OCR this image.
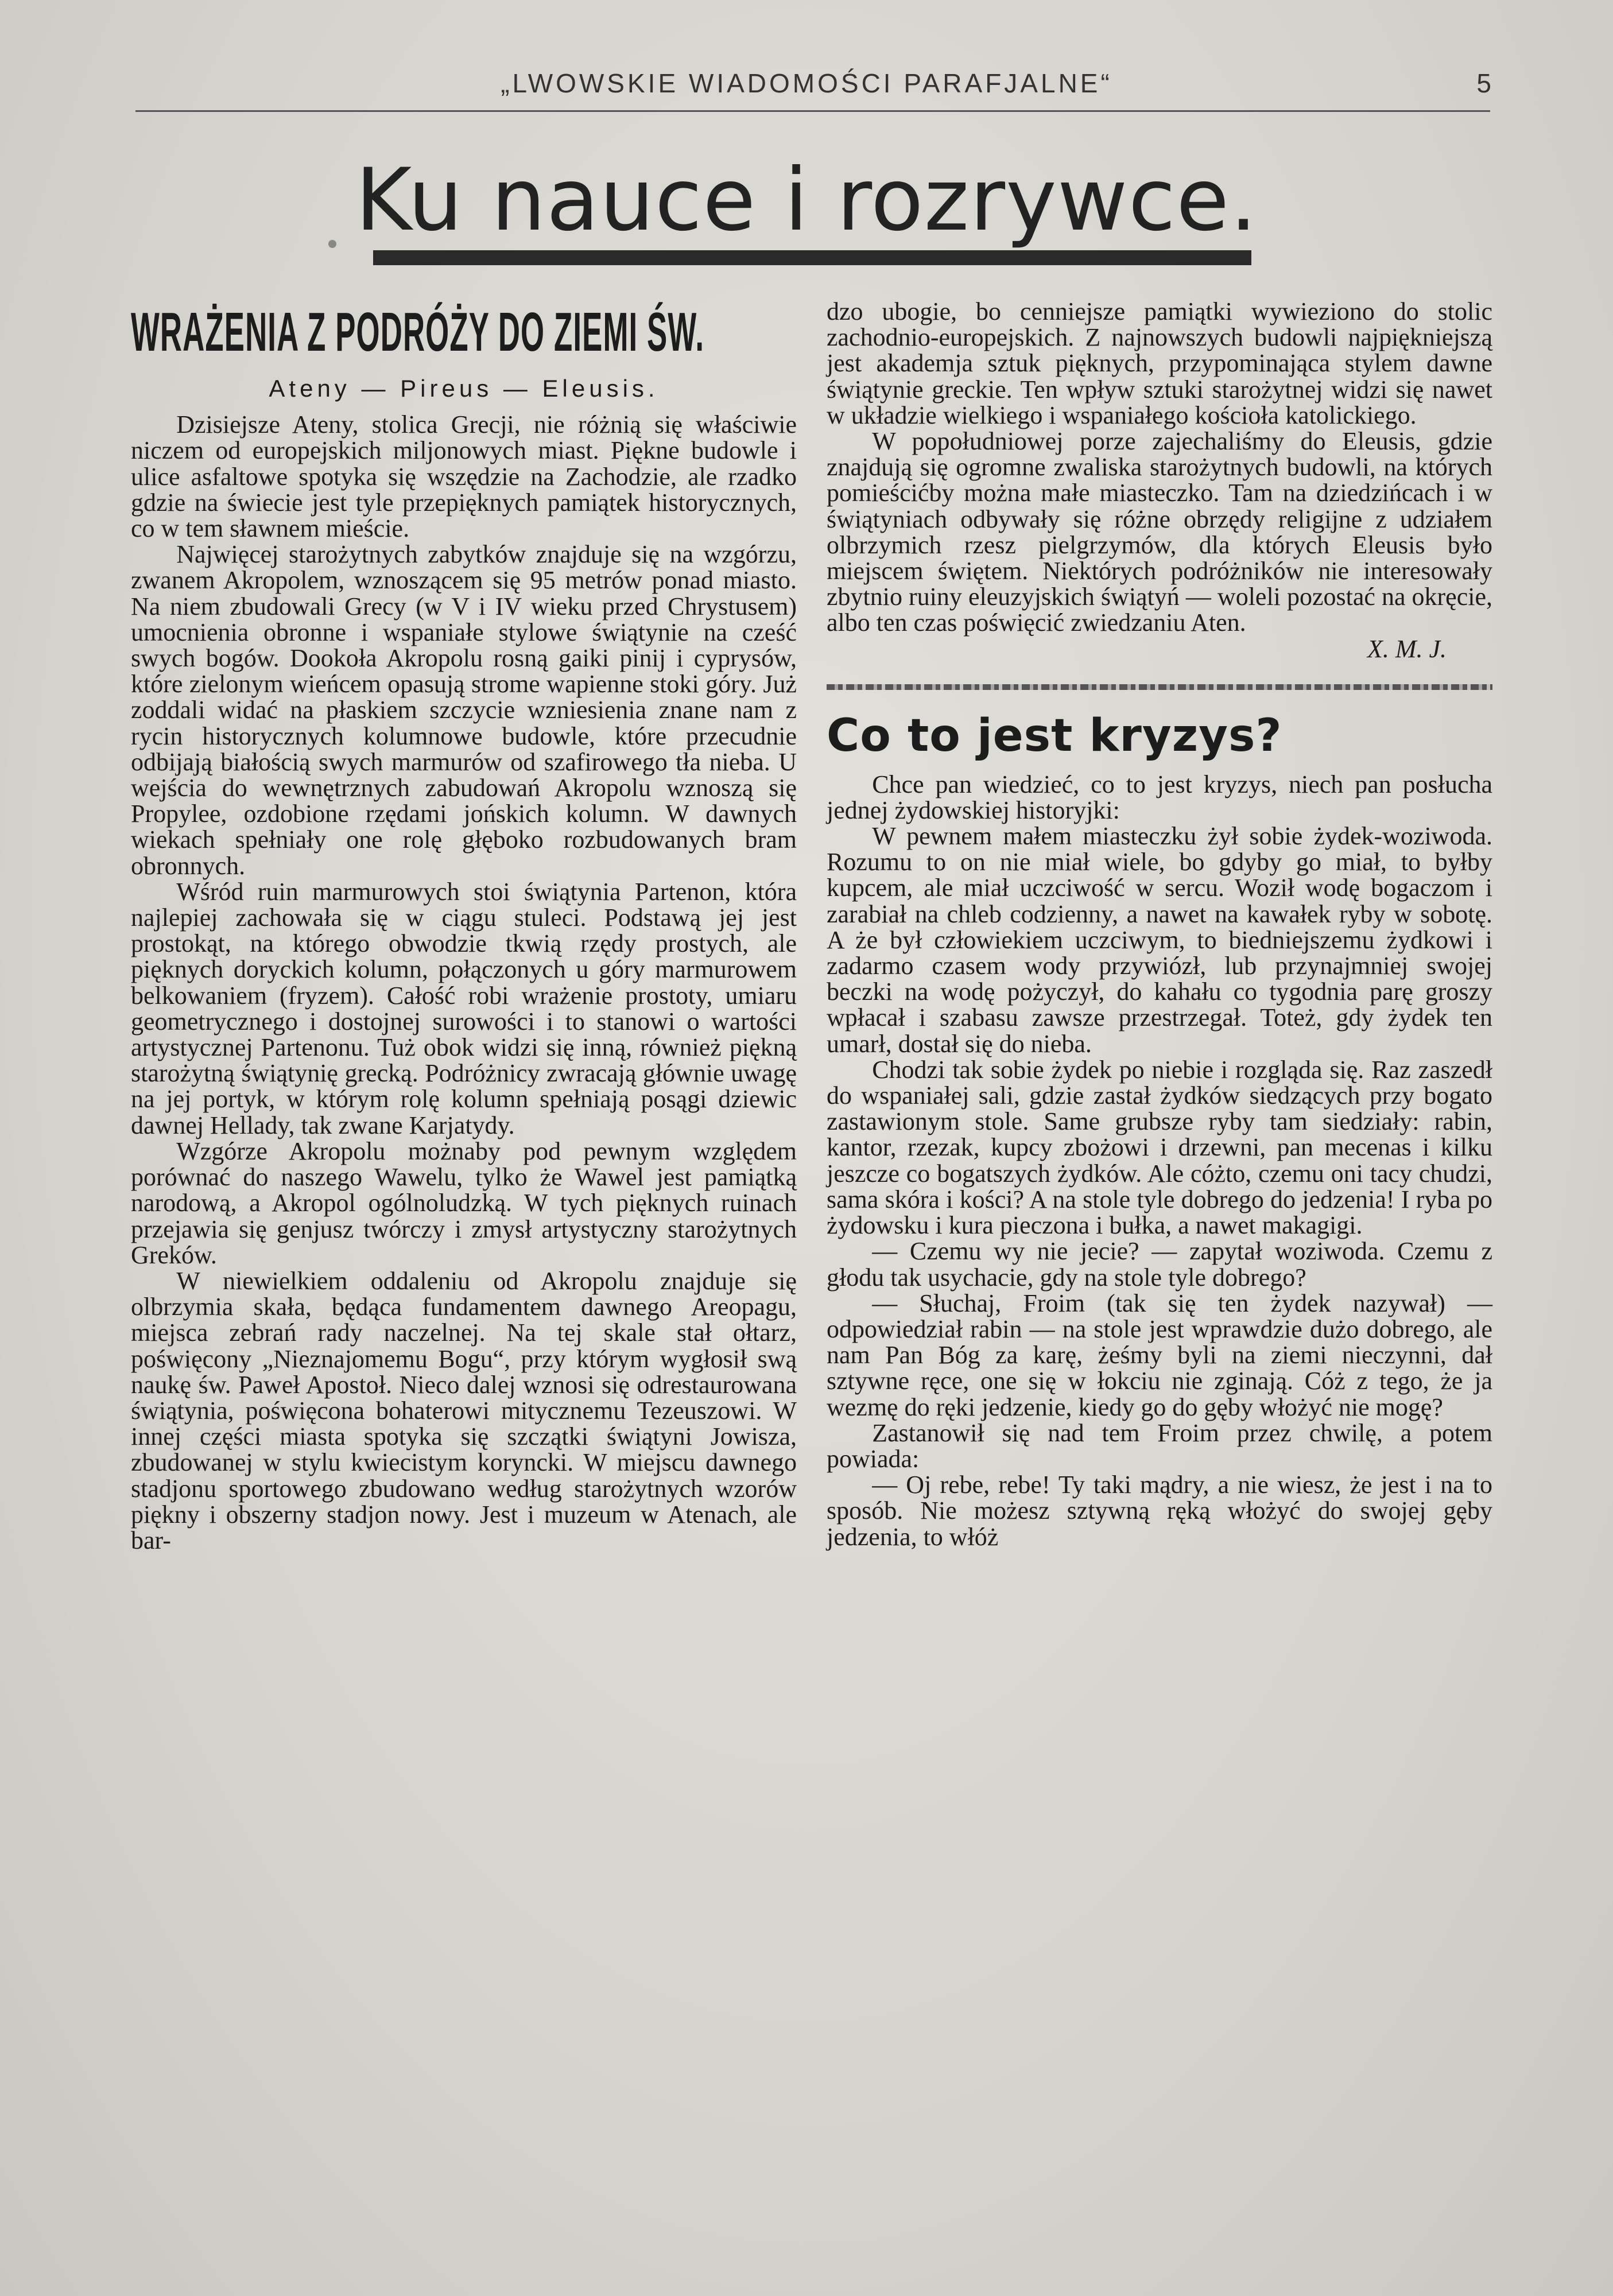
„LWOWSKIE WIADOMOŚCI PARAFJALNE“	5
Ku nauce i rozrywce.
WRAŻENIA Z PODRÓŻY DO ZIEMI ŚW.
Ateny — Pireus — Eleusis.

Dzisiejsze Ateny, stolica Grecji, nie różnią się właściwie niczem od europejskich miljonowych miast. Piękne budowle i ulice asfaltowe spotyka się wszędzie na Zachodzie, ale rzadko gdzie na świecie jest tyle przepięknych pamiątek historycznych, co w tem sławnem mieście.

Najwięcej starożytnych zabytków znajduje się na wzgórzu, zwanem Akropolem, wznoszącem się 95 metrów ponad miasto. Na niem zbudowali Grecy (w V i IV wieku przed Chrystusem) umocnienia obronne i wspaniałe stylowe świątynie na cześć swych bogów. Dookoła Akropolu rosną gaiki pinij i cyprysów, które zielonym wieńcem opasują strome wapienne stoki góry. Już zoddali widać na płaskiem szczycie wzniesienia znane nam z rycin historycznych kolumnowe budowle, które przecudnie odbijają białością swych marmurów od szafirowego tła nieba. U wejścia do wewnętrznych zabudowań Akropolu wznoszą się Propylee, ozdobione rzędami jońskich kolumn. W dawnych wiekach spełniały one rolę głęboko rozbudowanych bram obronnych.

Wśród ruin marmurowych stoi świątynia Partenon, która najlepiej zachowała się w ciągu stuleci. Podstawą jej jest prostokąt, na którego obwodzie tkwią rzędy prostych, ale pięknych doryckich kolumn, połączonych u góry marmurowem belkowaniem (fryzem). Całość robi wrażenie prostoty, umiaru geometrycznego i dostojnej surowości i to stanowi o wartości artystycznej Partenonu. Tuż obok widzi się inną, również piękną starożytną świątynię grecką. Podróżnicy zwracają głównie uwagę na jej portyk, w którym rolę kolumn spełniają posągi dziewic dawnej Hellady, tak zwane Karjatydy.

Wzgórze Akropolu możnaby pod pewnym względem porównać do naszego Wawelu, tylko że Wawel jest pamiątką narodową, a Akropol ogólnoludzką. W tych pięknych ruinach przejawia się genjusz twórczy i zmysł artystyczny starożytnych Greków.

W niewielkiem oddaleniu od Akropolu znajduje się olbrzymia skała, będąca fundamentem dawnego Areopagu, miejsca zebrań rady naczelnej. Na tej skale stał ołtarz, poświęcony „Nieznajomemu Bogu“, przy którym wygłosił swą naukę św. Paweł Apostoł. Nieco dalej wznosi się odrestaurowana świątynia, poświęcona bohaterowi mitycznemu Tezeuszowi. W innej części miasta spotyka się szczątki świątyni Jowisza, zbudowanej w stylu kwiecistym koryncki. W miejscu dawnego stadjonu sportowego zbudowano według starożytnych wzorów piękny i obszerny stadjon nowy. Jest i muzeum w Atenach, ale bar-

dzo ubogie, bo cenniejsze pamiątki wywieziono do stolic zachodnio-europejskich. Z najnowszych budowli najpiękniejszą jest akademja sztuk pięknych, przypominająca stylem dawne świątynie greckie. Ten wpływ sztuki starożytnej widzi się nawet w układzie wielkiego i wspaniałego kościoła katolickiego.

W popołudniowej porze zajechaliśmy do Eleusis, gdzie znajdują się ogromne zwaliska starożytnych budowli, na których pomieścićby można małe miasteczko. Tam na dziedzińcach i w świątyniach odbywały się różne obrzędy religijne z udziałem olbrzymich rzesz pielgrzymów, dla których Eleusis było miejscem świętem. Niektórych podróżników nie interesowały zbytnio ruiny eleuzyjskich świątyń — woleli pozostać na okręcie, albo ten czas poświęcić zwiedzaniu Aten.

X. M. J.
Co to jest kryzys?

Chce pan wiedzieć, co to jest kryzys, niech pan posłucha jednej żydowskiej historyjki:

W pewnem małem miasteczku żył sobie żydek-woziwoda. Rozumu to on nie miał wiele, bo gdyby go miał, to byłby kupcem, ale miał uczciwość w sercu. Woził wodę bogaczom i zarabiał na chleb codzienny, a nawet na kawałek ryby w sobotę. A że był człowiekiem uczciwym, to biedniejszemu żydkowi i zadarmo czasem wody przywiózł, lub przynajmniej swojej beczki na wodę pożyczył, do kahału co tygodnia parę groszy wpłacał i szabasu zawsze przestrzegał. Toteż, gdy żydek ten umarł, dostał się do nieba.

Chodzi tak sobie żydek po niebie i rozgląda się. Raz zaszedł do wspaniałej sali, gdzie zastał żydków siedzących przy bogato zastawionym stole. Same grubsze ryby tam siedziały: rabin, kantor, rzezak, kupcy zbożowi i drzewni, pan mecenas i kilku jeszcze co bogatszych żydków. Ale cóżto, czemu oni tacy chudzi, sama skóra i kości? A na stole tyle dobrego do jedzenia! I ryba po żydowsku i kura pieczona i bułka, a nawet makagigi.

— Czemu wy nie jecie? — zapytał woziwoda. Czemu z głodu tak usychacie, gdy na stole tyle dobrego?

— Słuchaj, Froim (tak się ten żydek nazywał) — odpowiedział rabin — na stole jest wprawdzie dużo dobrego, ale nam Pan Bóg za karę, żeśmy byli na ziemi nieczynni, dał sztywne ręce, one się w łokciu nie zginają. Cóż z tego, że ja wezmę do ręki jedzenie, kiedy go do gęby włożyć nie mogę?

Zastanowił się nad tem Froim przez chwilę, a potem powiada:

— Oj rebe, rebe! Ty taki mądry, a nie wiesz, że jest i na to sposób. Nie możesz sztywną ręką włożyć do swojej gęby jedzenia, to włóż
